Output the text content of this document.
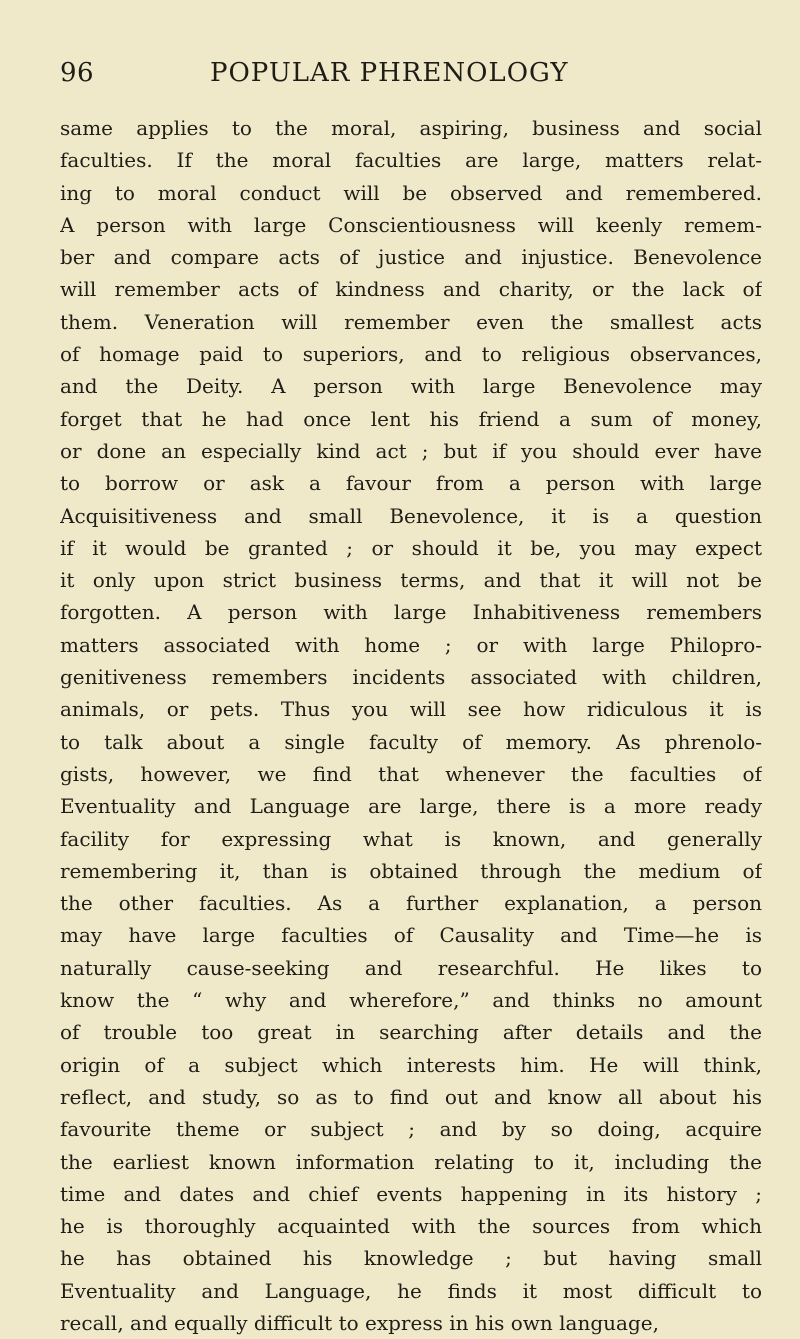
96	POPULAR PHRENOLOGY
same applies to the moral, aspiring, business and social
faculties. If the moral faculties are large, matters relat-
ing to moral conduct will be observed and remembered.
A person with large Conscientiousness will keenly remem-
ber and compare acts of justice and injustice. Benevolence
will remember acts of kindness and charity, or the lack of
them. Veneration will remember even the smallest acts
of homage paid to superiors, and to religious observances,
and the Deity. A person with large Benevolence may
forget that he had once lent his friend a sum of money,
or done an especially kind act ; but if you should ever have
to borrow or ask a favour from a person with large
Acquisitiveness and small Benevolence, it is a question
if it would be granted ; or should it be, you may expect
it only upon strict business terms, and that it will not be
forgotten. A person with large Inhabitiveness remembers
matters associated with home ; or with large Philopro-
genitiveness remembers incidents associated with children,
animals, or pets. Thus you will see how ridiculous it is
to talk about a single faculty of memory. As phrenolo-
gists, however, we find that whenever the faculties of
Eventuality and Language are large, there is a more ready
facility for expressing what is known, and generally
remembering it, than is obtained through the medium of
the other faculties. As a further explanation, a person
may have large faculties of Causality and Time—he is
naturally cause-seeking and researchful. He likes to
know the “ why and wherefore,” and thinks no amount
of trouble too great in searching after details and the
origin of a subject which interests him. He will think,
reflect, and study, so as to find out and know all about his
favourite theme or subject ; and by so doing, acquire
the earliest known information relating to it, including the
time and dates and chief events happening in its history ;
he is thoroughly acquainted with the sources from which
he has obtained his knowledge ; but having small
Eventuality and Language, he finds it most difficult to
recall, and equally difficult to express in his own language,
